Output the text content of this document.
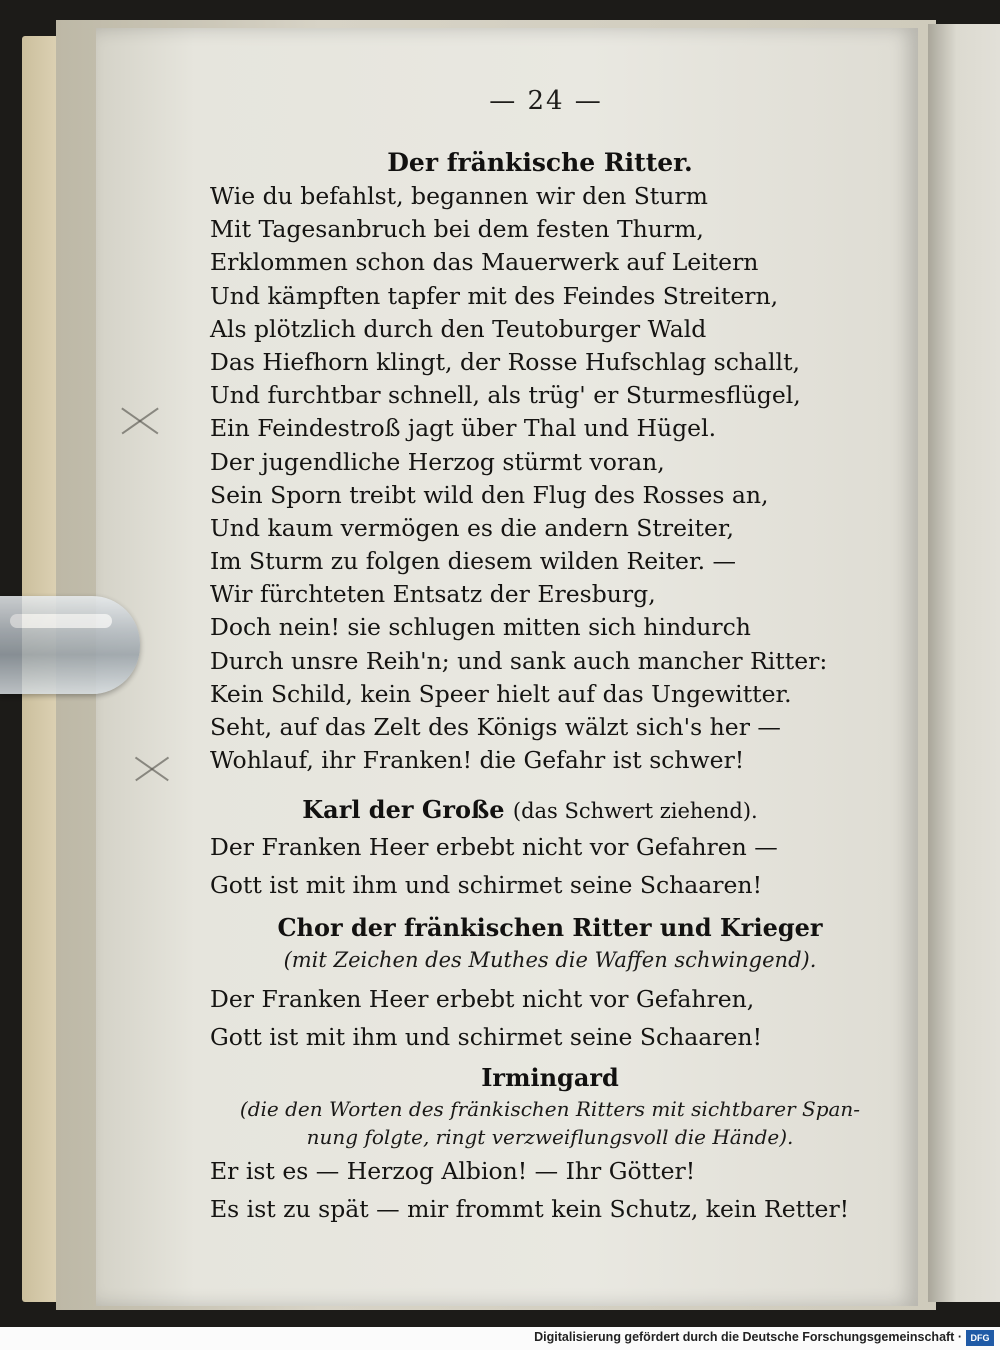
— 24 —
Der fränkische Ritter.
Wie du befahlst, begannen wir den Sturm
Mit Tagesanbruch bei dem festen Thurm,
Erklommen schon das Mauerwerk auf Leitern
Und kämpften tapfer mit des Feindes Streitern,
Als plötzlich durch den Teutoburger Wald
Das Hiefhorn klingt, der Rosse Hufschlag schallt,
Und furchtbar schnell, als trüg' er Sturmesflügel,
Ein Feindestroß jagt über Thal und Hügel.
Der jugendliche Herzog stürmt voran,
Sein Sporn treibt wild den Flug des Rosses an,
Und kaum vermögen es die andern Streiter,
Im Sturm zu folgen diesem wilden Reiter. —
Wir fürchteten Entsatz der Eresburg,
Doch nein! sie schlugen mitten sich hindurch
Durch unsre Reih'n; und sank auch mancher Ritter:
Kein Schild, kein Speer hielt auf das Ungewitter.
Seht, auf das Zelt des Königs wälzt sich's her —
Wohlauf, ihr Franken! die Gefahr ist schwer!
Karl der Große (das Schwert ziehend).
Der Franken Heer erbebt nicht vor Gefahren —
Gott ist mit ihm und schirmet seine Schaaren!
Chor der fränkischen Ritter und Krieger
(mit Zeichen des Muthes die Waffen schwingend).
Der Franken Heer erbebt nicht vor Gefahren,
Gott ist mit ihm und schirmet seine Schaaren!
Irmingard
(die den Worten des fränkischen Ritters mit sichtbarer Span-
nung folgte, ringt verzweiflungsvoll die Hände).
Er ist es — Herzog Albion! — Ihr Götter!
Es ist zu spät — mir frommt kein Schutz, kein Retter!
Digitalisierung gefördert durch die Deutsche Forschungsgemeinschaft · DFG
